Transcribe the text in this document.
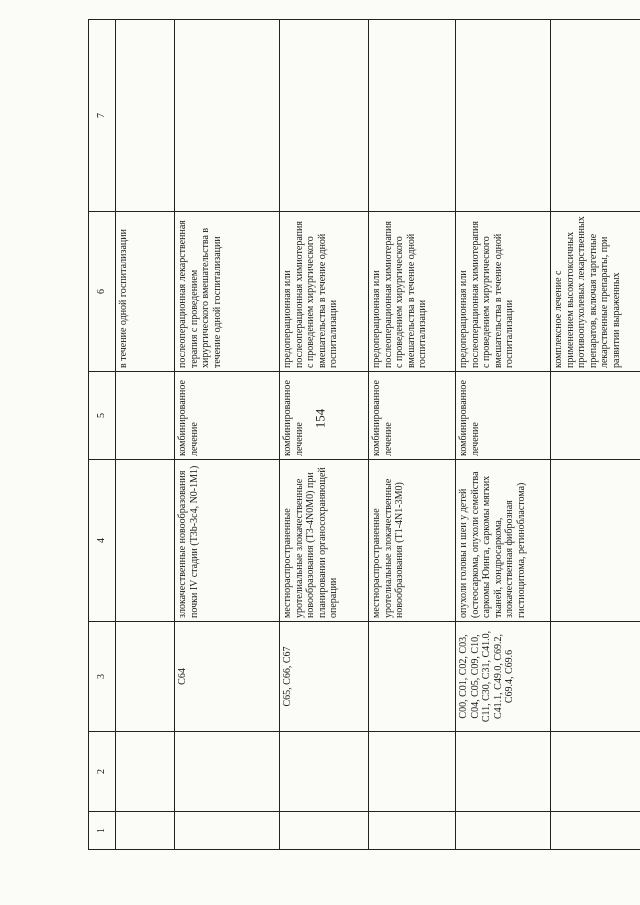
154
1	2	3	4	5	6	7
					в течение одной госпитализации	
		C64	злокачественные новообразования почки IV стадии (T3b-3c4, N0-1M1)	комбинированное лечение	послеоперационная лекарственная терапия с проведением хирургического вмешательства в течение одной госпитализации	
		C65, C66, C67	местнораспространенные уротелиальные злокачественные новообразования (T3-4N0M0) при планировании органосохраняющей операции	комбинированное лечение	предоперационная или послеоперационная химиотерапия с проведением хирургического вмешательства в течение одной госпитализации	
			местнораспространенные уротелиальные злокачественные новообразования (T1-4N1-3M0)	комбинированное лечение	предоперационная или послеоперационная химиотерапия с проведением хирургического вмешательства в течение одной госпитализации	
		C00, C01, C02, C03, C04, C05, C09, C10, C11, C30, C31, C41.0, C41.1, C49.0, C69.2, C69.4, C69.6	опухоли головы и шеи у детей (остеосаркома, опухоли семейства саркомы Юинга, саркомы мягких тканей, хондросаркома, злокачественная фиброзная гистиоцитома, ретинобластома)	комбинированное лечение	предоперационная или послеоперационная химиотерапия с проведением хирургического вмешательства в течение одной госпитализации	
					комплексное лечение с применением высокотоксичных противоопухолевых лекарственных препаратов, включая таргетные лекарственные препараты, при развитии выраженных	
